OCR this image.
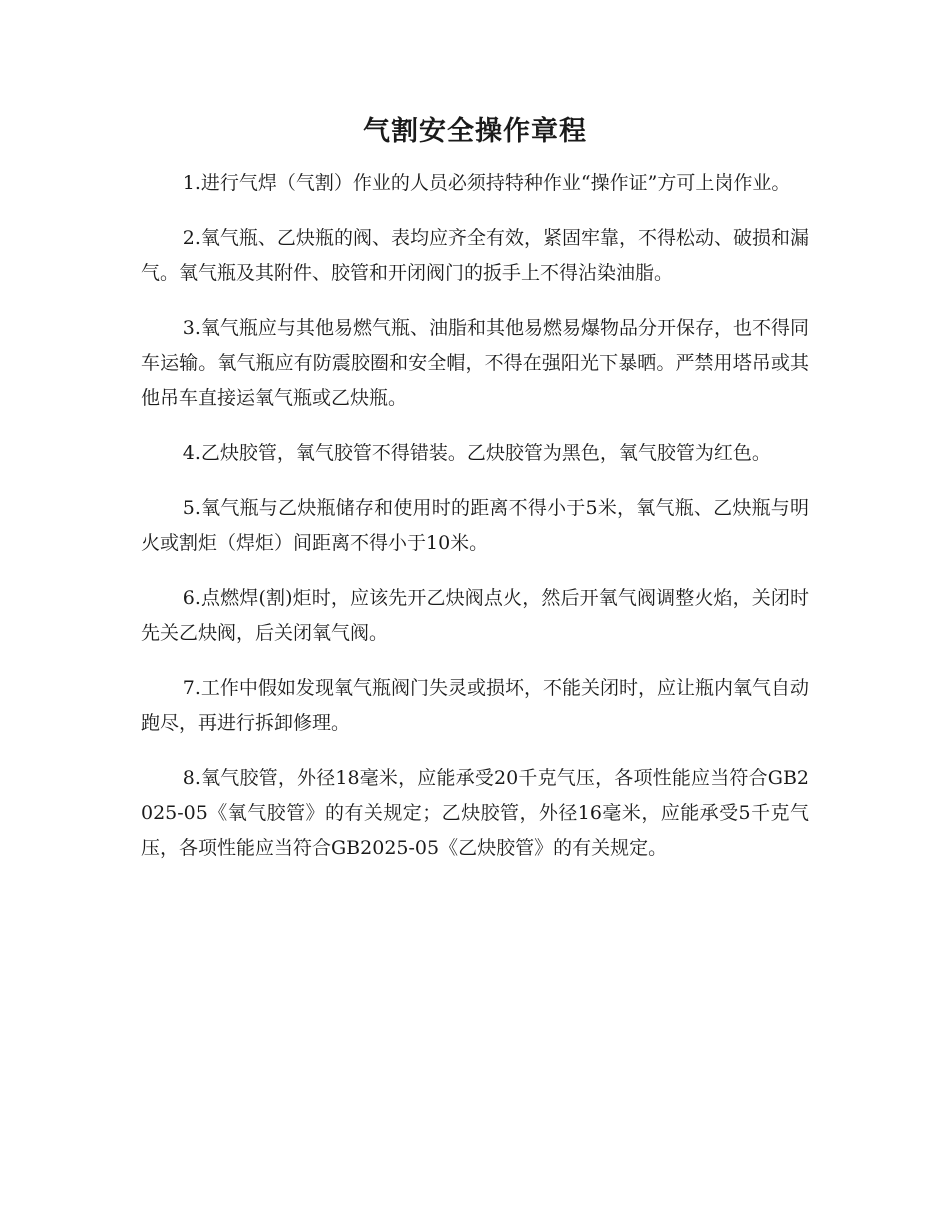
气割安全操作章程

1.进行气焊（气割）作业的人员必须持特种作业“操作证”方可上岗作业。

2.氧气瓶、乙炔瓶的阀、表均应齐全有效，紧固牢靠，不得松动、破损和漏气。氧气瓶及其附件、胶管和开闭阀门的扳手上不得沾染油脂。

3.氧气瓶应与其他易燃气瓶、油脂和其他易燃易爆物品分开保存，也不得同车运输。氧气瓶应有防震胶圈和安全帽，不得在强阳光下暴晒。严禁用塔吊或其他吊车直接运氧气瓶或乙炔瓶。

4.乙炔胶管，氧气胶管不得错装。乙炔胶管为黑色，氧气胶管为红色。

5.氧气瓶与乙炔瓶储存和使用时的距离不得小于5米，氧气瓶、乙炔瓶与明火或割炬（焊炬）间距离不得小于10米。

6.点燃焊(割)炬时，应该先开乙炔阀点火，然后开氧气阀调整火焰，关闭时先关乙炔阀，后关闭氧气阀。

7.工作中假如发现氧气瓶阀门失灵或损坏，不能关闭时，应让瓶内氧气自动跑尽，再进行拆卸修理。

8.氧气胶管，外径18毫米，应能承受20千克气压，各项性能应当符合GB2025-05《氧气胶管》的有关规定；乙炔胶管，外径16毫米，应能承受5千克气压，各项性能应当符合GB2025-05《乙炔胶管》的有关规定。
